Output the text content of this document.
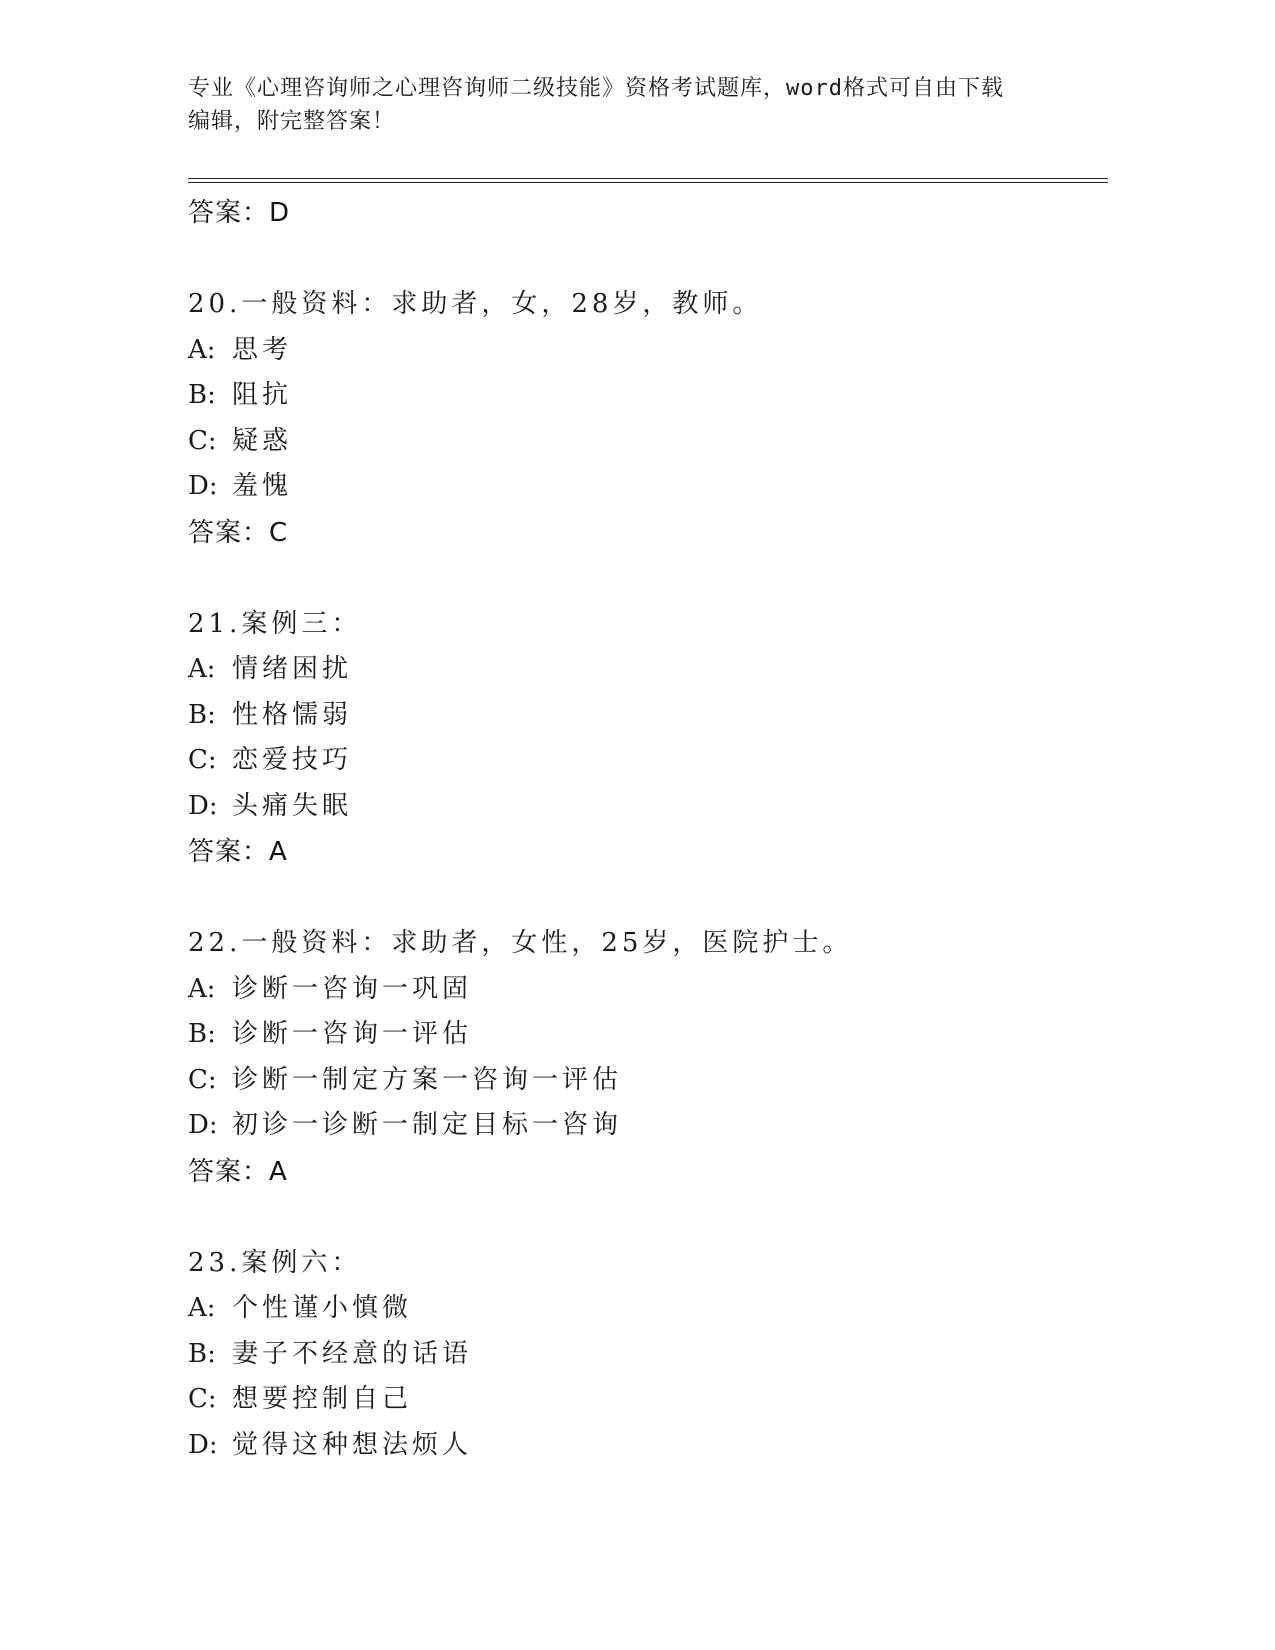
专业《心理咨询师之心理咨询师二级技能》资格考试题库，word格式可自由下载
编辑，附完整答案！
答案：D
20.一般资料：求助者，女，28岁，教师。
A: 思考
B: 阻抗
C: 疑惑
D: 羞愧
答案：C
21.案例三：
A: 情绪困扰
B: 性格懦弱
C: 恋爱技巧
D: 头痛失眠
答案：A
22.一般资料：求助者，女性，25岁，医院护士。
A: 诊断一咨询一巩固
B: 诊断一咨询一评估
C: 诊断一制定方案一咨询一评估
D: 初诊一诊断一制定目标一咨询
答案：A
23.案例六：
A: 个性谨小慎微
B: 妻子不经意的话语
C: 想要控制自己
D: 觉得这种想法烦人
